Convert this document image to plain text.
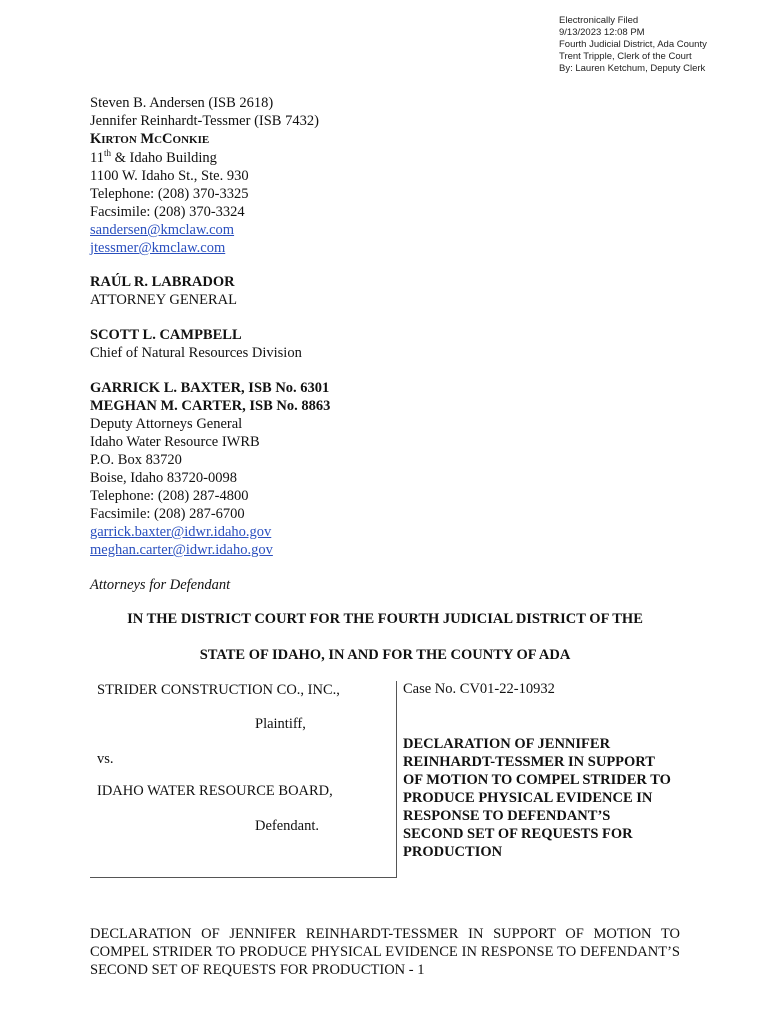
Electronically Filed
9/13/2023 12:08 PM
Fourth Judicial District, Ada County
Trent Tripple, Clerk of the Court
By: Lauren Ketchum, Deputy Clerk
Steven B. Andersen (ISB 2618)
Jennifer Reinhardt-Tessmer (ISB 7432)
KIRTON MCCONKIE
11th & Idaho Building
1100 W. Idaho St., Ste. 930
Telephone: (208) 370-3325
Facsimile: (208) 370-3324
sandersen@kmclaw.com
jtessmer@kmclaw.com
RAÚL R. LABRADOR
ATTORNEY GENERAL
SCOTT L. CAMPBELL
Chief of Natural Resources Division
GARRICK L. BAXTER, ISB No. 6301
MEGHAN M. CARTER, ISB No. 8863
Deputy Attorneys General
Idaho Water Resource IWRB
P.O. Box 83720
Boise, Idaho 83720-0098
Telephone: (208) 287-4800
Facsimile: (208) 287-6700
garrick.baxter@idwr.idaho.gov
meghan.carter@idwr.idaho.gov
Attorneys for Defendant
IN THE DISTRICT COURT FOR THE FOURTH JUDICIAL DISTRICT OF THE
STATE OF IDAHO, IN AND FOR THE COUNTY OF ADA
STRIDER CONSTRUCTION CO., INC.,
Plaintiff,
vs.
IDAHO WATER RESOURCE BOARD,
Defendant.
Case No. CV01-22-10932
DECLARATION OF JENNIFER
REINHARDT-TESSMER IN SUPPORT
OF MOTION TO COMPEL STRIDER TO
PRODUCE PHYSICAL EVIDENCE IN
RESPONSE TO DEFENDANT’S
SECOND SET OF REQUESTS FOR
PRODUCTION
DECLARATION OF JENNIFER REINHARDT-TESSMER IN SUPPORT OF MOTION TO COMPEL STRIDER TO PRODUCE PHYSICAL EVIDENCE IN RESPONSE TO DEFENDANT’S SECOND SET OF REQUESTS FOR PRODUCTION - 1
